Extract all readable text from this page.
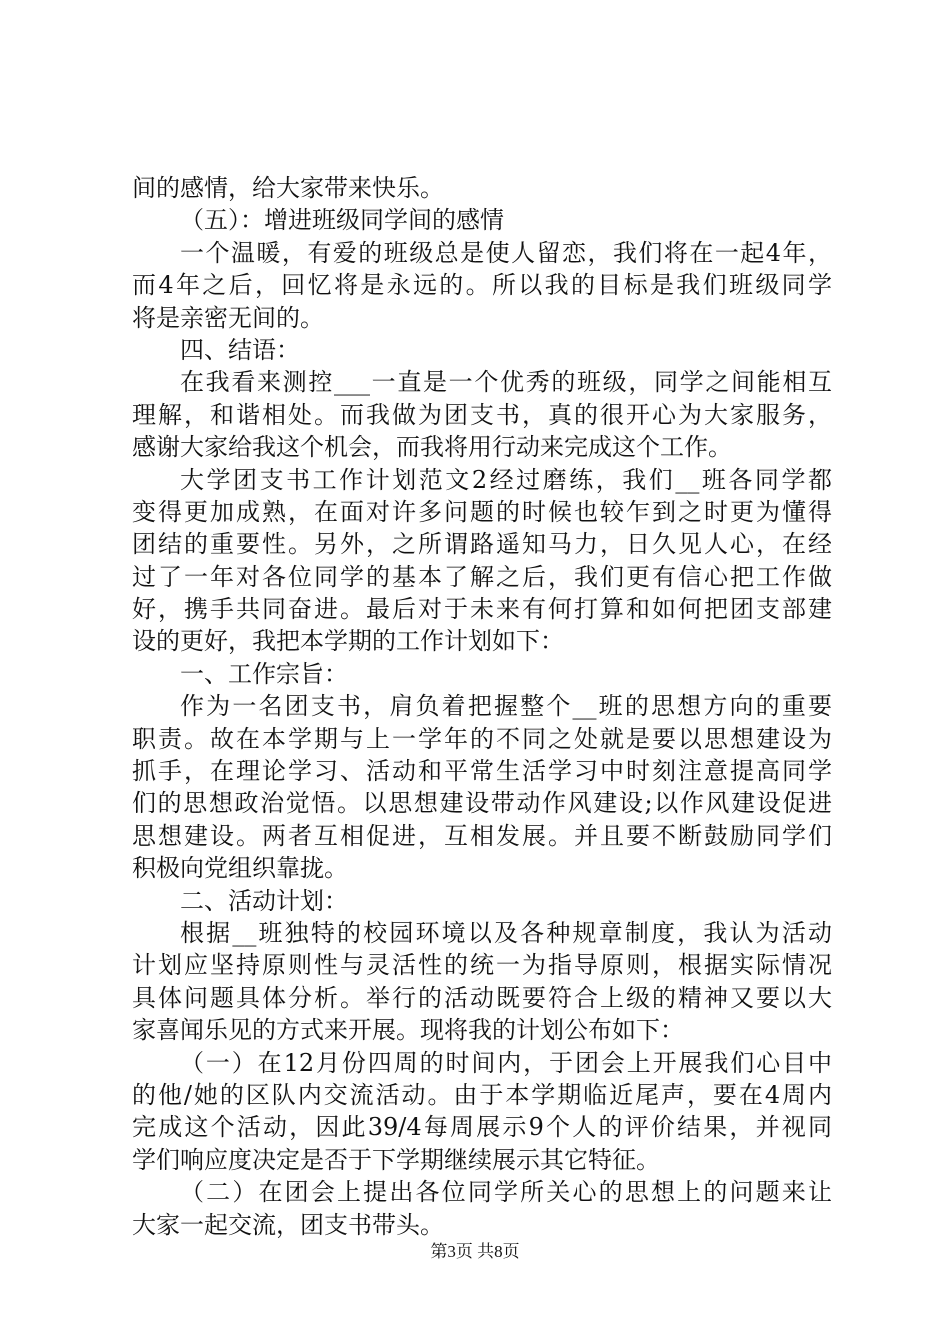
间的感情，给大家带来快乐。
（五）：增进班级同学间的感情
一个温暖，有爱的班级总是使人留恋，我们将在一起4年，
而4年之后，回忆将是永远的。所以我的目标是我们班级同学
将是亲密无间的。
四、结语：
在我看来测控___一直是一个优秀的班级，同学之间能相互
理解，和谐相处。而我做为团支书，真的很开心为大家服务，
感谢大家给我这个机会，而我将用行动来完成这个工作。
大学团支书工作计划范文2经过磨练，我们__班各同学都
变得更加成熟，在面对许多问题的时候也较乍到之时更为懂得
团结的重要性。另外，之所谓路遥知马力，日久见人心，在经
过了一年对各位同学的基本了解之后，我们更有信心把工作做
好，携手共同奋进。最后对于未来有何打算和如何把团支部建
设的更好，我把本学期的工作计划如下：
一、工作宗旨：
作为一名团支书，肩负着把握整个__班的思想方向的重要
职责。故在本学期与上一学年的不同之处就是要以思想建设为
抓手，在理论学习、活动和平常生活学习中时刻注意提高同学
们的思想政治觉悟。以思想建设带动作风建设;以作风建设促进
思想建设。两者互相促进，互相发展。并且要不断鼓励同学们
积极向党组织靠拢。
二、活动计划：
根据__班独特的校园环境以及各种规章制度，我认为活动
计划应坚持原则性与灵活性的统一为指导原则，根据实际情况
具体问题具体分析。举行的活动既要符合上级的精神又要以大
家喜闻乐见的方式来开展。现将我的计划公布如下：
（一）在12月份四周的时间内，于团会上开展我们心目中
的他/她的区队内交流活动。由于本学期临近尾声，要在4周内
完成这个活动，因此39/4每周展示9个人的评价结果，并视同
学们响应度决定是否于下学期继续展示其它特征。
（二）在团会上提出各位同学所关心的思想上的问题来让
大家一起交流，团支书带头。
第3页 共8页
